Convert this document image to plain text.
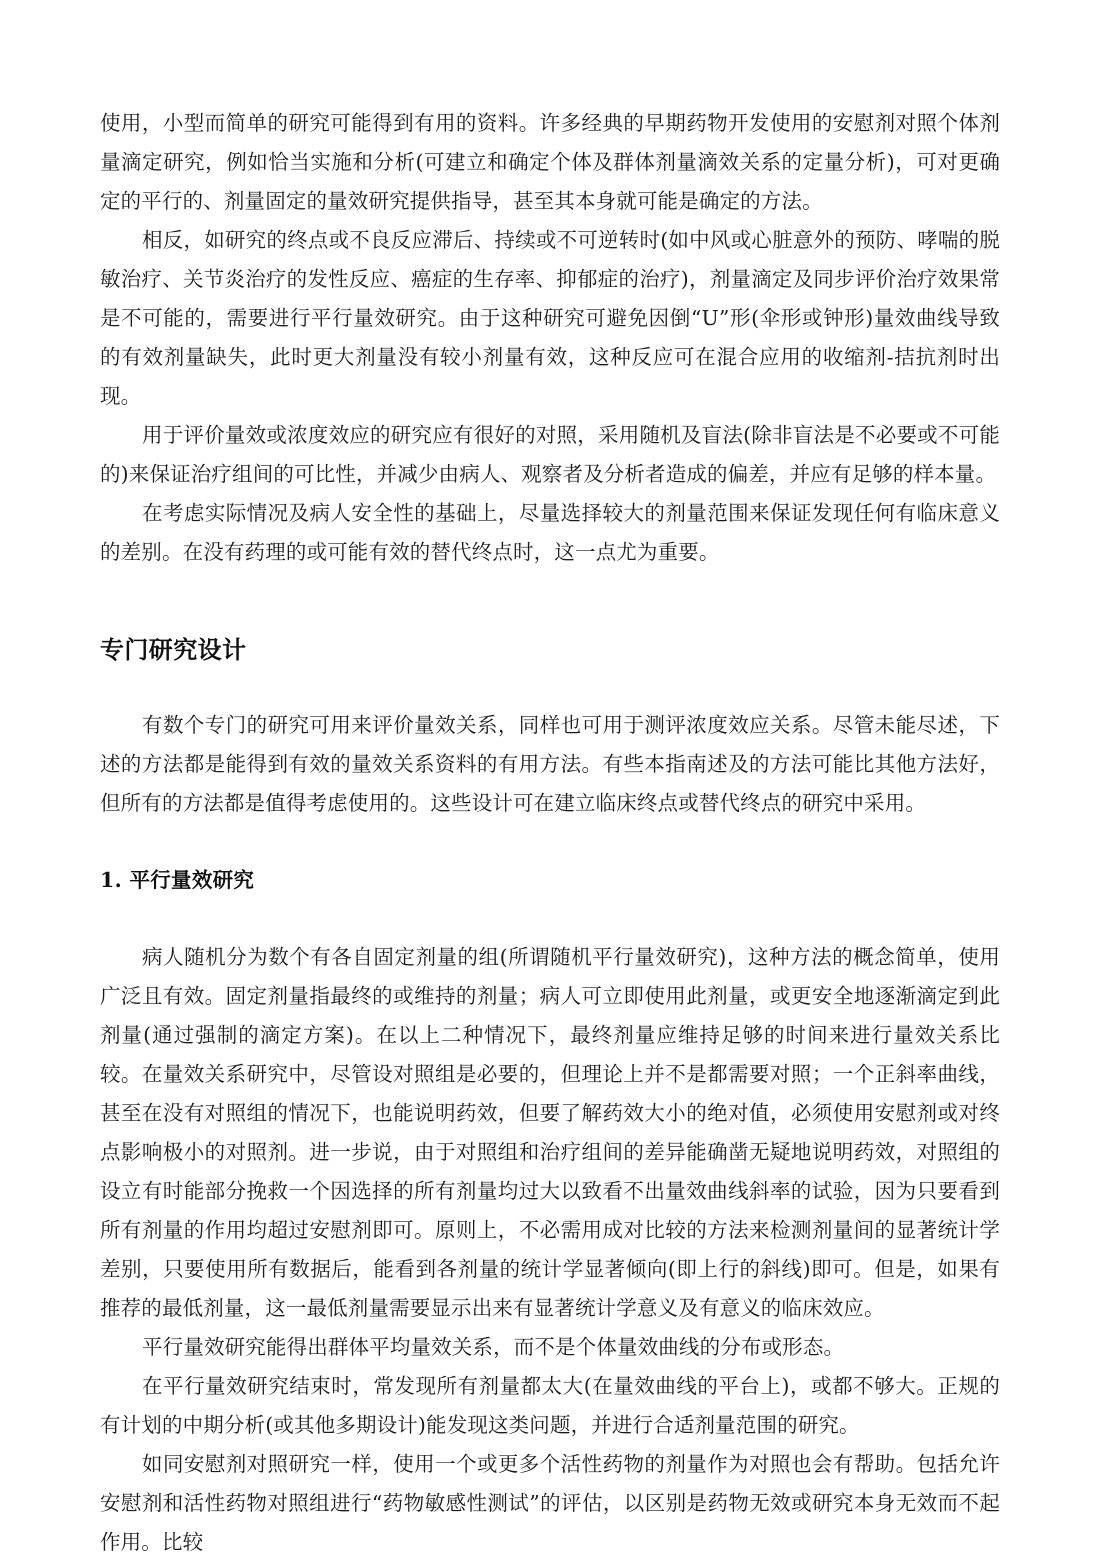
使用，小型而简单的研究可能得到有用的资料。许多经典的早期药物开发使用的安慰剂对照个体剂量滴定研究，例如恰当实施和分析(可建立和确定个体及群体剂量滴效关系的定量分析)，可对更确定的平行的、剂量固定的量效研究提供指导，甚至其本身就可能是确定的方法。

相反，如研究的终点或不良反应滞后、持续或不可逆转时(如中风或心脏意外的预防、哮喘的脱敏治疗、关节炎治疗的发性反应、癌症的生存率、抑郁症的治疗)，剂量滴定及同步评价治疗效果常是不可能的，需要进行平行量效研究。由于这种研究可避免因倒“U”形(伞形或钟形)量效曲线导致的有效剂量缺失，此时更大剂量没有较小剂量有效，这种反应可在混合应用的收缩剂-拮抗剂时出现。

用于评价量效或浓度效应的研究应有很好的对照，采用随机及盲法(除非盲法是不必要或不可能的)来保证治疗组间的可比性，并减少由病人、观察者及分析者造成的偏差，并应有足够的样本量。

在考虑实际情况及病人安全性的基础上，尽量选择较大的剂量范围来保证发现任何有临床意义的差别。在没有药理的或可能有效的替代终点时，这一点尤为重要。

专门研究设计

有数个专门的研究可用来评价量效关系，同样也可用于测评浓度效应关系。尽管未能尽述，下述的方法都是能得到有效的量效关系资料的有用方法。有些本指南述及的方法可能比其他方法好，但所有的方法都是值得考虑使用的。这些设计可在建立临床终点或替代终点的研究中采用。

1. 平行量效研究

病人随机分为数个有各自固定剂量的组(所谓随机平行量效研究)，这种方法的概念简单，使用广泛且有效。固定剂量指最终的或维持的剂量；病人可立即使用此剂量，或更安全地逐渐滴定到此剂量(通过强制的滴定方案)。在以上二种情况下，最终剂量应维持足够的时间来进行量效关系比较。在量效关系研究中，尽管设对照组是必要的，但理论上并不是都需要对照；一个正斜率曲线，甚至在没有对照组的情况下，也能说明药效，但要了解药效大小的绝对值，必须使用安慰剂或对终点影响极小的对照剂。进一步说，由于对照组和治疗组间的差异能确凿无疑地说明药效，对照组的设立有时能部分挽救一个因选择的所有剂量均过大以致看不出量效曲线斜率的试验，因为只要看到所有剂量的作用均超过安慰剂即可。原则上，不必需用成对比较的方法来检测剂量间的显著统计学差别，只要使用所有数据后，能看到各剂量的统计学显著倾向(即上行的斜线)即可。但是，如果有推荐的最低剂量，这一最低剂量需要显示出来有显著统计学意义及有意义的临床效应。

平行量效研究能得出群体平均量效关系，而不是个体量效曲线的分布或形态。

在平行量效研究结束时，常发现所有剂量都太大(在量效曲线的平台上)，或都不够大。正规的有计划的中期分析(或其他多期设计)能发现这类问题，并进行合适剂量范围的研究。

如同安慰剂对照研究一样，使用一个或更多个活性药物的剂量作为对照也会有帮助。包括允许安慰剂和活性药物对照组进行“药物敏感性测试”的评估，以区别是药物无效或研究本身无效而不起作用。比较
